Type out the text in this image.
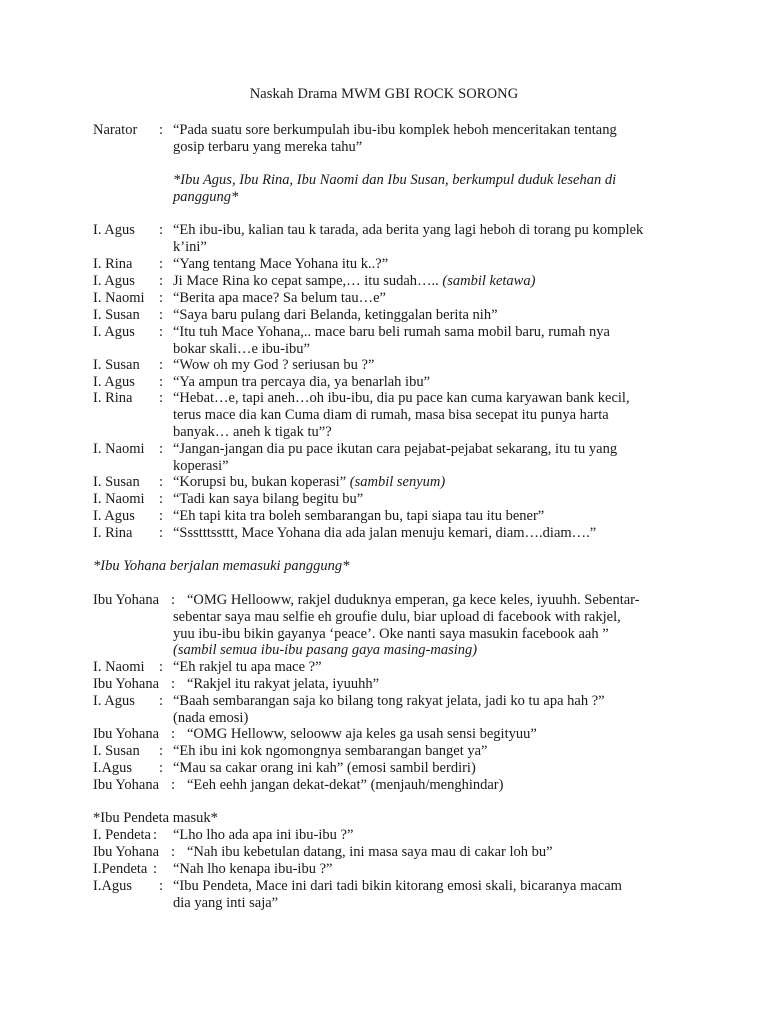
Naskah Drama MWM GBI ROCK SORONG
Narator : “Pada suatu sore berkumpulah ibu-ibu komplek heboh menceritakan tentang
gosip terbaru yang mereka tahu”
*Ibu Agus, Ibu Rina, Ibu Naomi dan Ibu Susan, berkumpul duduk lesehan di
panggung*
I. Agus : “Eh ibu-ibu, kalian tau k tarada, ada berita yang lagi heboh di torang pu komplek
k’ini”
I. Rina : “Yang tentang Mace Yohana itu k..?”
I. Agus : Ji Mace Rina ko cepat sampe,… itu sudah….. (sambil ketawa)
I. Naomi : “Berita apa mace? Sa belum tau…e”
I. Susan : “Saya baru pulang dari Belanda, ketinggalan berita nih”
I. Agus : “Itu tuh Mace Yohana,.. mace baru beli rumah sama mobil baru, rumah nya
bokar skali…e ibu-ibu”
I. Susan : “Wow oh my God ? seriusan bu ?”
I. Agus : “Ya ampun tra percaya dia, ya benarlah ibu”
I. Rina : “Hebat…e, tapi aneh…oh ibu-ibu, dia pu pace kan cuma karyawan bank kecil,
terus mace dia kan Cuma diam di rumah, masa bisa secepat itu punya harta
banyak… aneh k tigak tu”?
I. Naomi : “Jangan-jangan dia pu pace ikutan cara pejabat-pejabat sekarang, itu tu yang
koperasi”
I. Susan : “Korupsi bu, bukan koperasi” (sambil senyum)
I. Naomi : “Tadi kan saya bilang begitu bu”
I. Agus : “Eh tapi kita tra boleh sembarangan bu, tapi siapa tau itu bener”
I. Rina : “Ssstttssttt, Mace Yohana dia ada jalan menuju kemari, diam….diam….”
*Ibu Yohana berjalan memasuki panggung*
Ibu Yohana : “OMG Hellooww, rakjel duduknya emperan, ga kece keles, iyuuhh. Sebentar-
sebentar saya mau selfie eh groufie dulu, biar upload di facebook with rakjel,
yuu ibu-ibu bikin gayanya ‘peace’. Oke nanti saya masukin facebook aah ”
(sambil semua ibu-ibu pasang gaya masing-masing)
I. Naomi : “Eh rakjel tu apa mace ?”
Ibu Yohana : “Rakjel itu rakyat jelata, iyuuhh”
I. Agus : “Baah sembarangan saja ko bilang tong rakyat jelata, jadi ko tu apa hah ?”
(nada emosi)
Ibu Yohana : “OMG Helloww, selooww aja keles ga usah sensi begityuu”
I. Susan : “Eh ibu ini kok ngomongnya sembarangan banget ya”
I.Agus : “Mau sa cakar orang ini kah” (emosi sambil berdiri)
Ibu Yohana : “Eeh eehh jangan dekat-dekat” (menjauh/menghindar)
*Ibu Pendeta masuk*
I. Pendeta : “Lho lho ada apa ini ibu-ibu ?”
Ibu Yohana : “Nah ibu kebetulan datang, ini masa saya mau di cakar loh bu”
I.Pendeta : “Nah lho kenapa ibu-ibu ?”
I.Agus : “Ibu Pendeta, Mace ini dari tadi bikin kitorang emosi skali, bicaranya macam
dia yang inti saja”
